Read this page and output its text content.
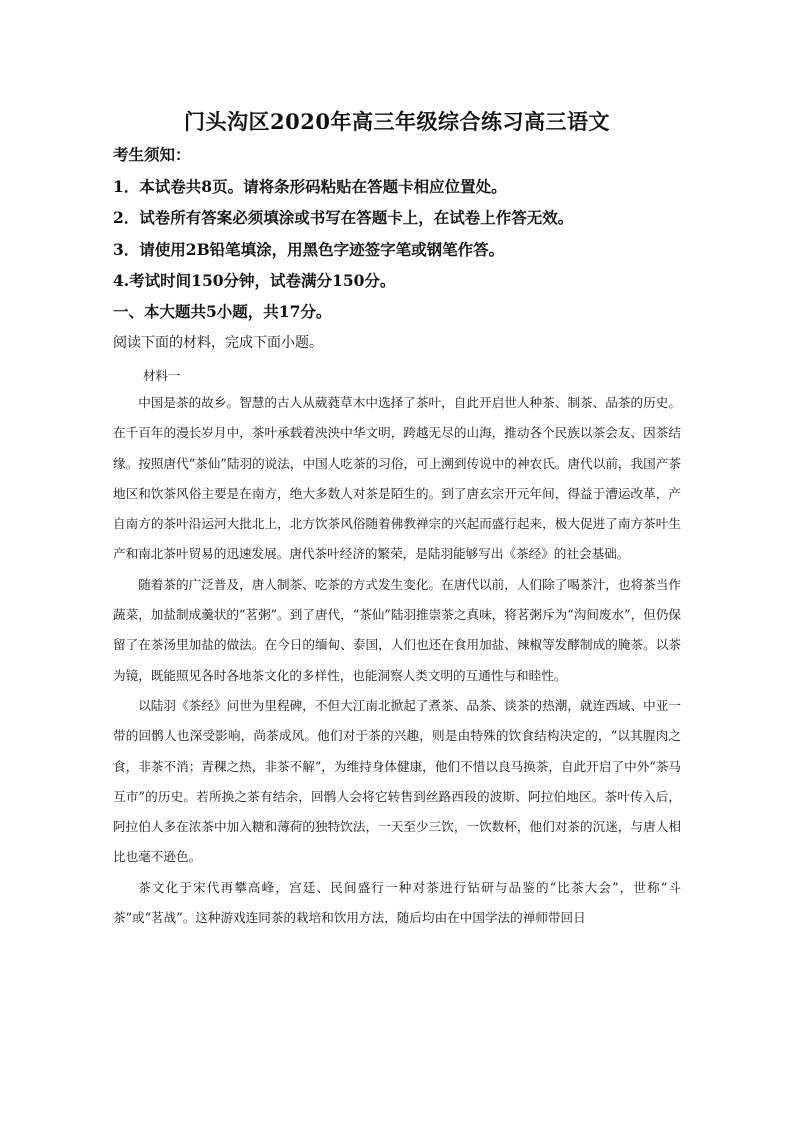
门头沟区2020年高三年级综合练习高三语文
考生须知：
1．本试卷共8页。请将条形码粘贴在答题卡相应位置处。
2．试卷所有答案必须填涂或书写在答题卡上，在试卷上作答无效。
3．请使用2B铅笔填涂，用黑色字迹签字笔或钢笔作答。
4.考试时间150分钟，试卷满分150分。
一、本大题共5小题，共17分。
阅读下面的材料，完成下面小题。
材料一

中国是茶的故乡。智慧的古人从葳蕤草木中选择了茶叶，自此开启世人种茶、制茶、品茶的历史。在千百年的漫长岁月中，茶叶承载着泱泱中华文明，跨越无尽的山海，推动各个民族以茶会友、因茶结缘。按照唐代“茶仙”陆羽的说法，中国人吃茶的习俗，可上溯到传说中的神农氏。唐代以前，我国产茶地区和饮茶风俗主要是在南方，绝大多数人对茶是陌生的。到了唐玄宗开元年间，得益于漕运改革，产自南方的茶叶沿运河大批北上，北方饮茶风俗随着佛教禅宗的兴起而盛行起来，极大促进了南方茶叶生产和南北茶叶贸易的迅速发展。唐代茶叶经济的繁荣，是陆羽能够写出《茶经》的社会基础。

随着茶的广泛普及，唐人制茶、吃茶的方式发生变化。在唐代以前，人们除了喝茶汁，也将茶当作蔬菜，加盐制成羹状的“茗粥”。到了唐代，“茶仙”陆羽推崇茶之真味，将茗粥斥为“沟间废水”，但仍保留了在茶汤里加盐的做法。在今日的缅甸、泰国，人们也还在食用加盐、辣椒等发酵制成的腌茶。以茶为镜，既能照见各时各地茶文化的多样性，也能洞察人类文明的互通性与和睦性。

以陆羽《茶经》问世为里程碑，不但大江南北掀起了煮茶、品茶、谈茶的热潮，就连西域、中亚一带的回鹘人也深受影响，尚茶成风。他们对于茶的兴趣，则是由特殊的饮食结构决定的，“以其腥肉之食，非茶不消；青稞之热，非茶不解”，为维持身体健康，他们不惜以良马换茶，自此开启了中外“茶马互市”的历史。若所换之茶有结余，回鹘人会将它转售到丝路西段的波斯、阿拉伯地区。茶叶传入后，阿拉伯人多在浓茶中加入糖和薄荷的独特饮法，一天至少三饮，一饮数杯，他们对茶的沉迷，与唐人相比也毫不逊色。

茶文化于宋代再攀高峰，宫廷、民间盛行一种对茶进行钻研与品鉴的“比茶大会”，世称“斗茶”或“茗战”。这种游戏连同茶的栽培和饮用方法，随后均由在中国学法的禅师带回日
